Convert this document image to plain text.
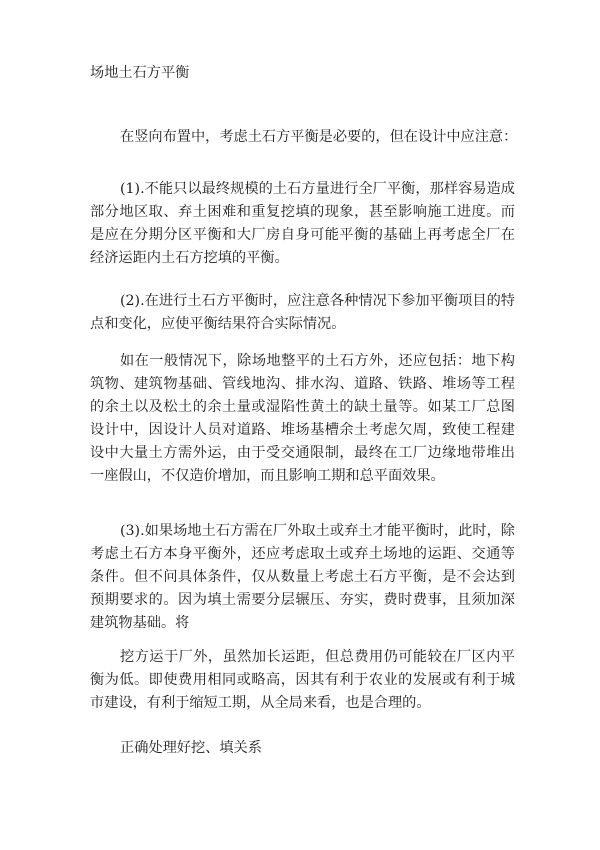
场地土石方平衡

在竖向布置中，考虑土石方平衡是必要的，但在设计中应注意：

(1).不能只以最终规模的土石方量进行全厂平衡，那样容易造成部分地区取、弃土困难和重复挖填的现象，甚至影响施工进度。而是应在分期分区平衡和大厂房自身可能平衡的基础上再考虑全厂在经济运距内土石方挖填的平衡。

(2).在进行土石方平衡时，应注意各种情况下参加平衡项目的特点和变化，应使平衡结果符合实际情况。

如在一般情况下，除场地整平的土石方外，还应包括：地下构筑物、建筑物基础、管线地沟、排水沟、道路、铁路、堆场等工程的余土以及松土的余土量或湿陷性黄土的缺土量等。如某工厂总图设计中，因设计人员对道路、堆场基槽余土考虑欠周，致使工程建设中大量土方需外运，由于受交通限制，最终在工厂边缘地带堆出一座假山，不仅造价增加，而且影响工期和总平面效果。

(3).如果场地土石方需在厂外取土或弃土才能平衡时，此时，除考虑土石方本身平衡外，还应考虑取土或弃土场地的运距、交通等条件。但不问具体条件，仅从数量上考虑土石方平衡，是不会达到预期要求的。因为填土需要分层辗压、夯实，费时费事，且须加深建筑物基础。将

挖方运于厂外，虽然加长运距，但总费用仍可能较在厂区内平衡为低。即使费用相同或略高，因其有利于农业的发展或有利于城市建设，有利于缩短工期，从全局来看，也是合理的。

正确处理好挖、填关系
